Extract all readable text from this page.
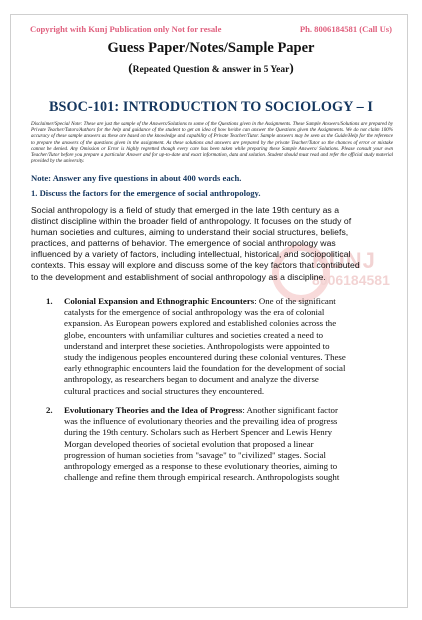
Copyright with Kunj Publication only Not for resale	Ph. 8006184581 (Call Us)
Guess Paper/Notes/Sample Paper
(Repeated Question & answer in 5 Year)
BSOC-101: INTRODUCTION TO SOCIOLOGY – I
Disclaimer/Special Note: These are just the sample of the Answers/Solutions to some of the Questions given in the Assignments. These Sample Answers/Solutions are prepared by Private Teacher/Tutors/Authors for the help and guidance of the student to get an idea of how he/she can answer the Questions given the Assignments. We do not claim 100% accuracy of these sample answers as these are based on the knowledge and capability of Private Teacher/Tutor. Sample answers may be seen as the Guide/Help for the reference to prepare the answers of the questions given in the assignment. As these solutions and answers are prepared by the private Teacher/Tutor so the chances of error or mistake cannot be denied. Any Omission or Error is highly regretted though every care has been taken while preparing these Sample Answers/ Solutions. Please consult your own Teacher/Tutor before you prepare a particular Answer and for up-to-date and exact information, data and solution. Student should must read and refer the official study material provided by the university.
Note: Answer any five questions in about 400 words each.
1. Discuss the factors for the emergence of social anthropology.
KUNJ
8006184581
Social anthropology is a field of study that emerged in the late 19th century as a
distinct discipline within the broader field of anthropology. It focuses on the study of
human societies and cultures, aiming to understand their social structures, beliefs,
practices, and patterns of behavior. The emergence of social anthropology was
influenced by a variety of factors, including intellectual, historical, and sociopolitical
contexts. This essay will explore and discuss some of the key factors that contributed
to the development and establishment of social anthropology as a discipline.
1. Colonial Expansion and Ethnographic Encounters: One of the significant
catalysts for the emergence of social anthropology was the era of colonial
expansion. As European powers explored and established colonies across the
globe, encounters with unfamiliar cultures and societies created a need to
understand and interpret these societies. Anthropologists were appointed to
study the indigenous peoples encountered during these colonial ventures. These
early ethnographic encounters laid the foundation for the development of social
anthropology, as researchers began to document and analyze the diverse
cultural practices and social structures they encountered.
2. Evolutionary Theories and the Idea of Progress: Another significant factor
was the influence of evolutionary theories and the prevailing idea of progress
during the 19th century. Scholars such as Herbert Spencer and Lewis Henry
Morgan developed theories of societal evolution that proposed a linear
progression of human societies from "savage" to "civilized" stages. Social
anthropology emerged as a response to these evolutionary theories, aiming to
challenge and refine them through empirical research. Anthropologists sought
